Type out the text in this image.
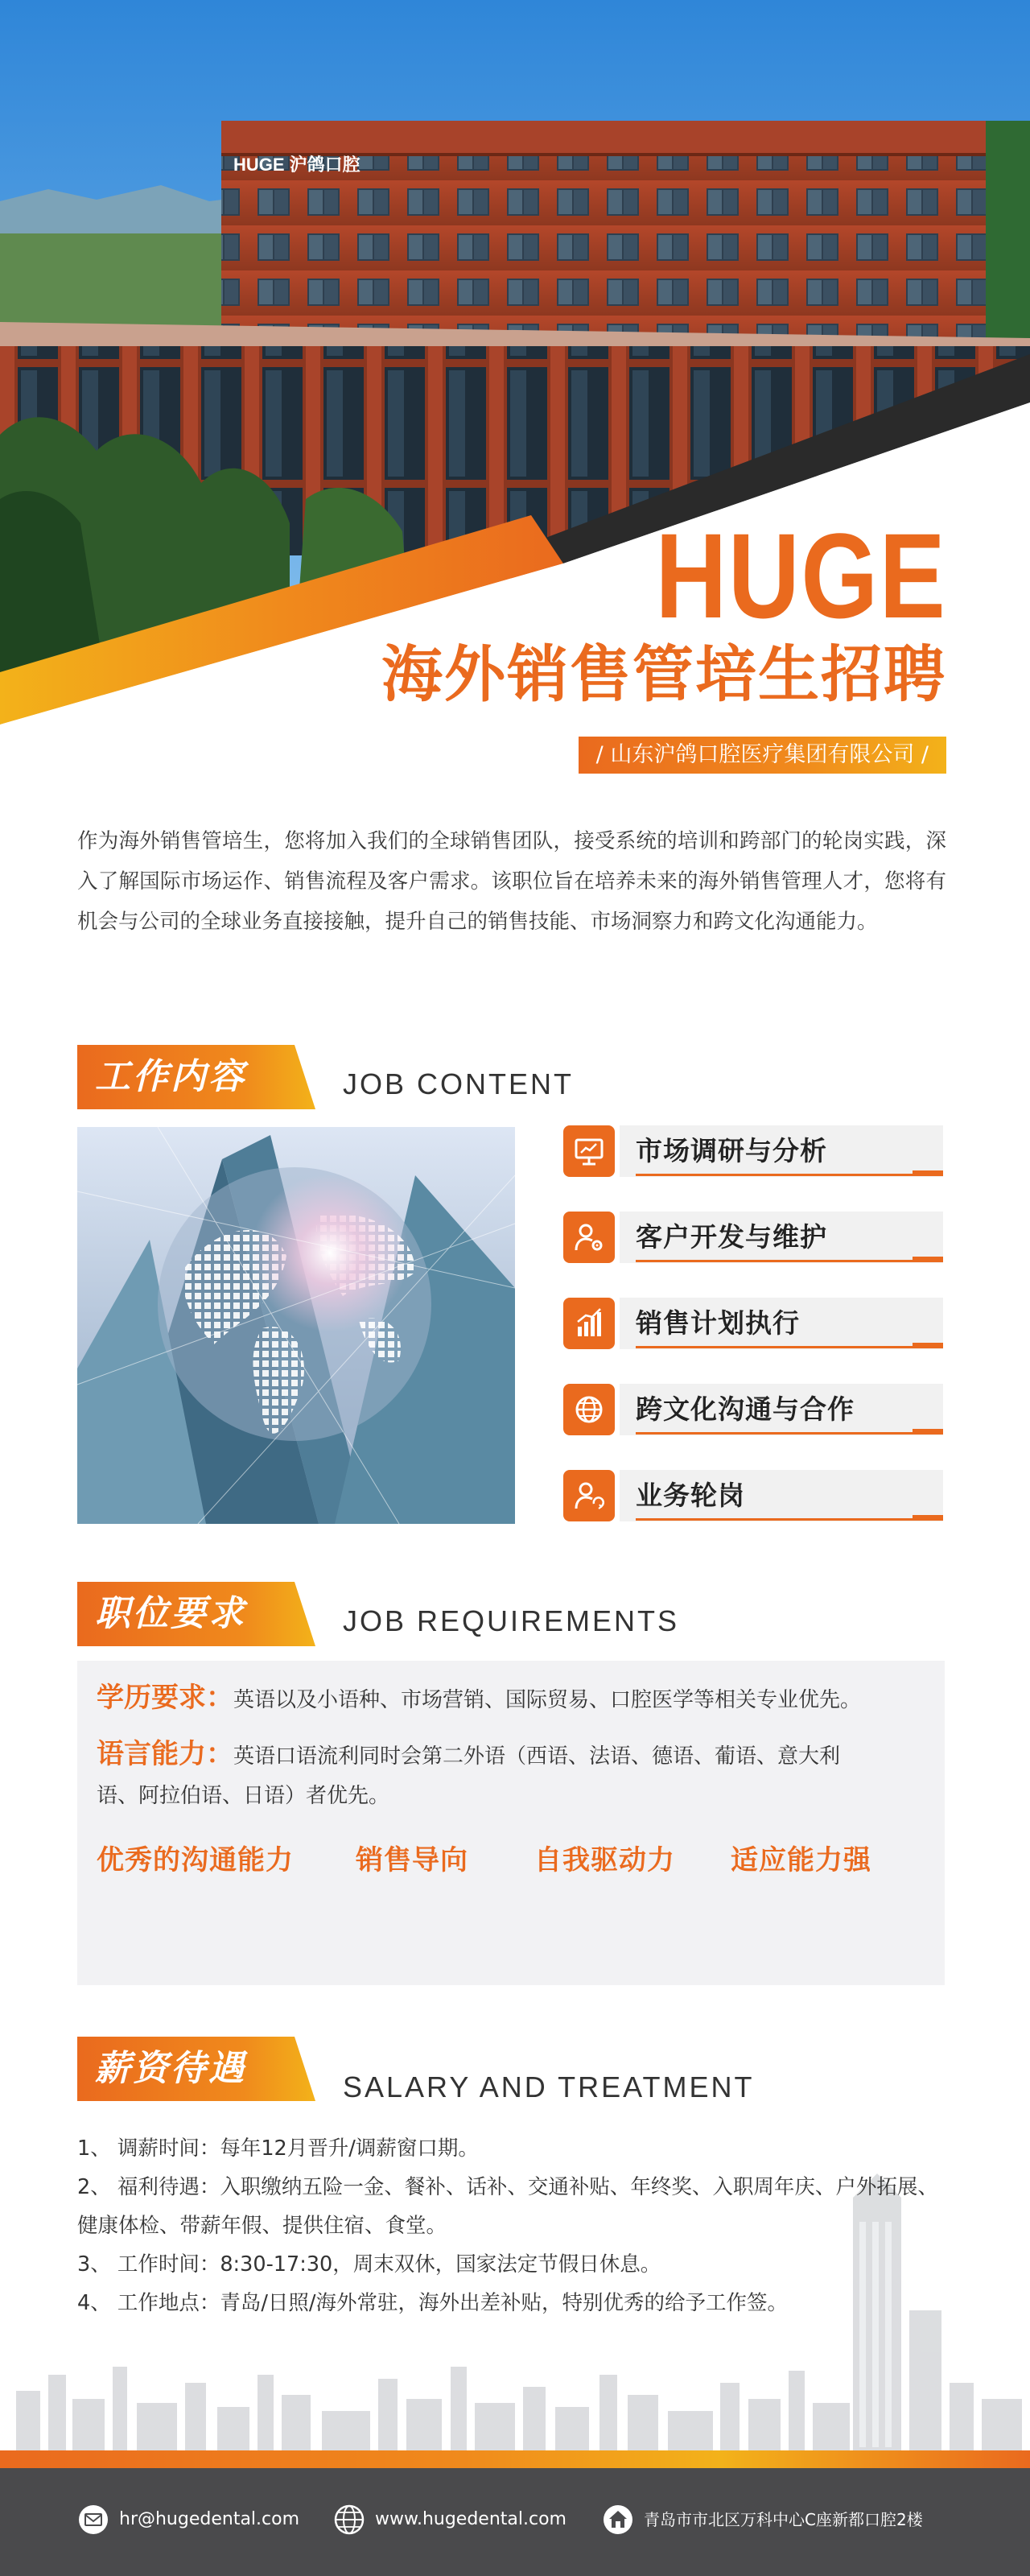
HUGE 沪鸽口腔
HUGE
海外销售管培生招聘
/ 山东沪鸽口腔医疗集团有限公司 /

作为海外销售管培生，您将加入我们的全球销售团队，接受系统的培训和跨部门的轮岗实践，深入了解国际市场运作、销售流程及客户需求。该职位旨在培养未来的海外销售管理人才，您将有机会与公司的全球业务直接接触，提升自己的销售技能、市场洞察力和跨文化沟通能力。

工作内容	JOB CONTENT
市场调研与分析
客户开发与维护
销售计划执行
跨文化沟通与合作
业务轮岗
职位要求	JOB REQUIREMENTS
学历要求：英语以及小语种、市场营销、国际贸易、口腔医学等相关专业优先。
语言能力：英语口语流利同时会第二外语（西语、法语、德语、葡语、意大利
语、阿拉伯语、日语）者优先。
优秀的沟通能力 销售导向 自我驱动力 适应能力强
薪资待遇	SALARY AND TREATMENT
1、 调薪时间：每年12月晋升/调薪窗口期。
2、 福利待遇：入职缴纳五险一金、餐补、话补、交通补贴、年终奖、入职周年庆、户外拓展、健康体检、带薪年假、提供住宿、食堂。
3、 工作时间：8:30-17:30，周末双休，国家法定节假日休息。
4、 工作地点：青岛/日照/海外常驻，海外出差补贴，特别优秀的给予工作签。
hr@hugedental.com	www.hugedental.com	青岛市市北区万科中心C座新都口腔2楼
